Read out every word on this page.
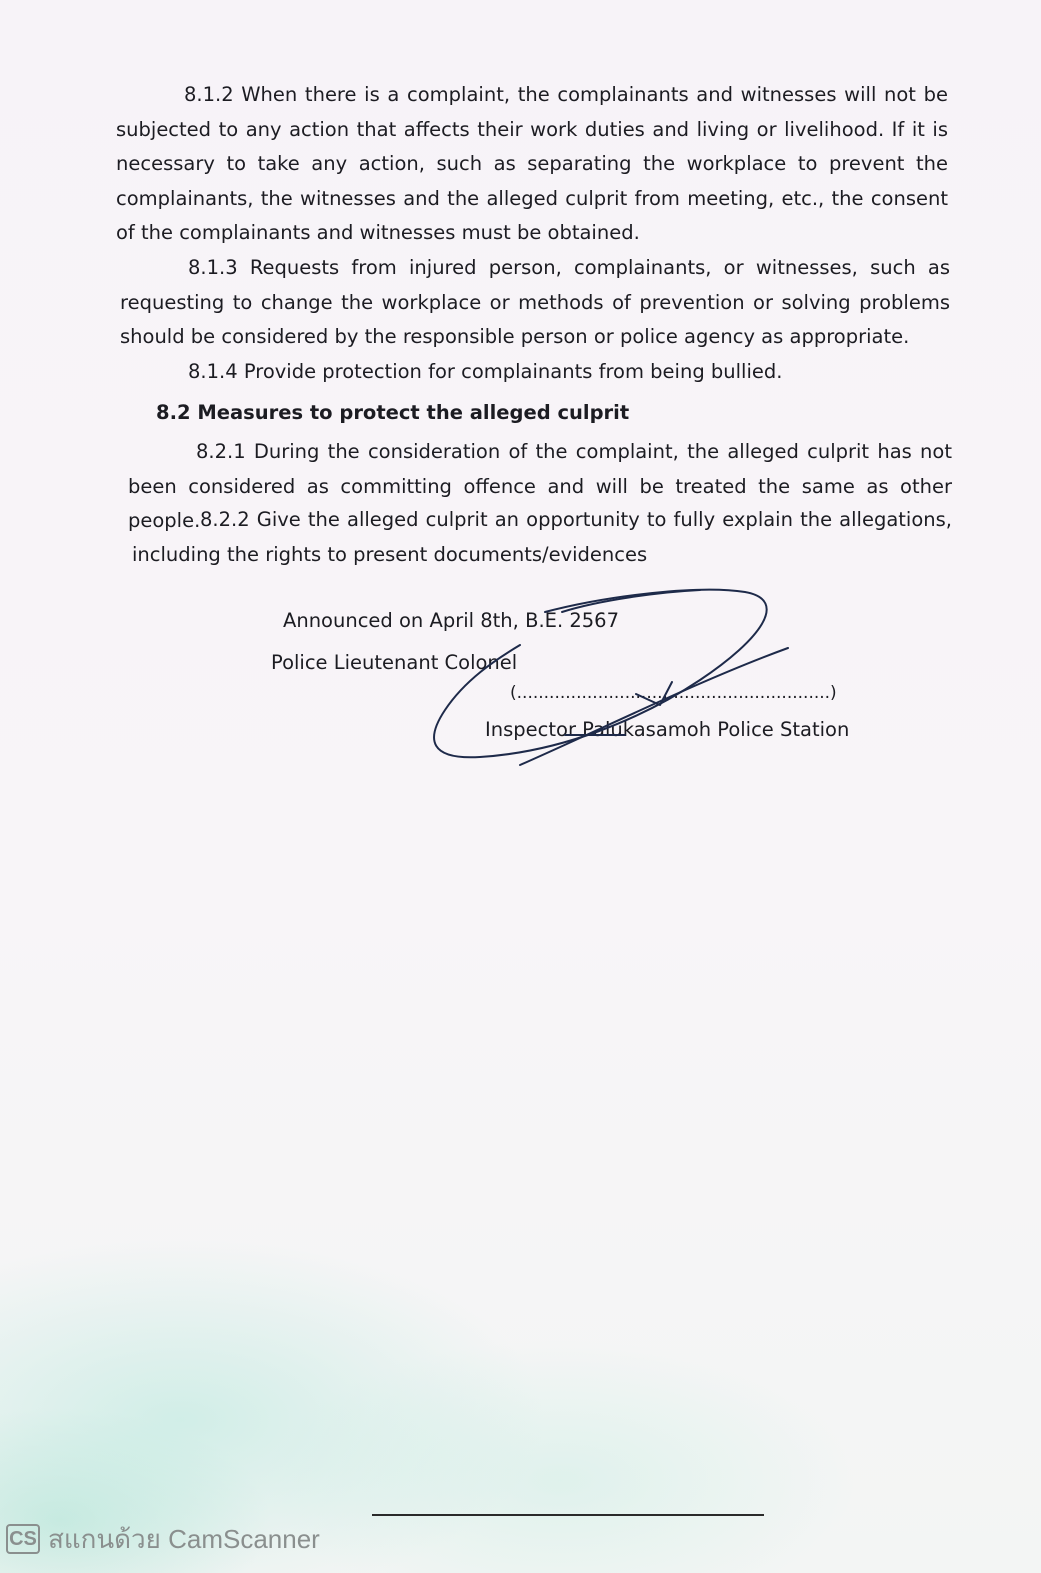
8.1.2 When there is a complaint, the complainants and witnesses will not be subjected to any action that affects their work duties and living or livelihood. If it is necessary to take any action, such as separating the workplace to prevent the complainants, the witnesses and the alleged culprit from meeting, etc., the consent of the complainants and witnesses must be obtained.

8.1.3 Requests from injured person, complainants, or witnesses, such as requesting to change the workplace or methods of prevention or solving problems should be considered by the responsible person or police agency as appropriate.

8.1.4 Provide protection for complainants from being bullied.

8.2 Measures to protect the alleged culprit

8.2.1 During the consideration of the complaint, the alleged culprit has not been considered as committing offence and will be treated the same as other people. 8.2.2 Give the alleged culprit an opportunity to fully explain the allegations, including the rights to present documents/evidences

Announced on April 8th, B.E. 2567

Police Lieutenant Colonel

(..........................................................)

Inspector Palukasamoh Police Station

CS สแกนด้วย CamScanner
